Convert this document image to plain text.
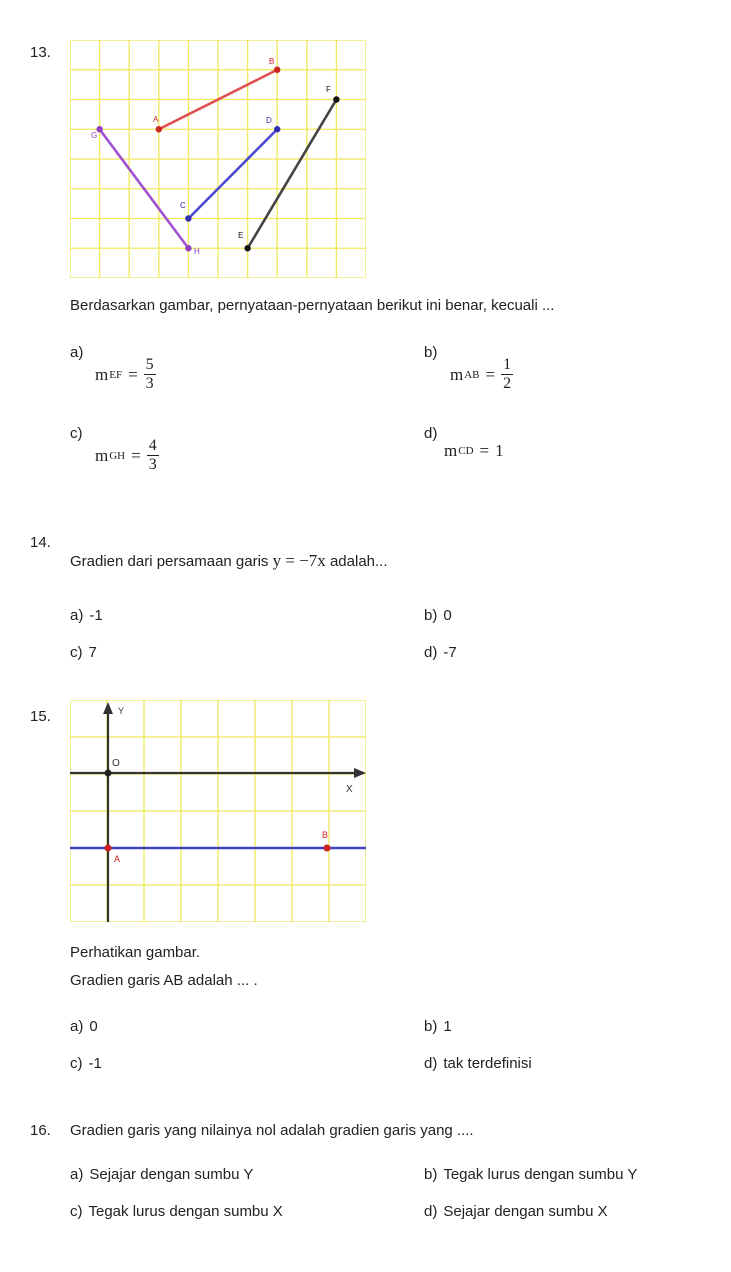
13.
A
B
C
D
E
F
G
H
Berdasarkan gambar, pernyataan-pernyataan berikut ini benar, kecuali ...
a)
m EF = $\frac{5}{3}$
b)
m AB = $\frac{1}{2}$
c)
m GH = $\frac{4}{3}$
d)
m CD = 1
14.
Gradien dari persamaan garis y = −7x adalah...
a) -1	b) 0
c) 7	d) -7
15.	Y
X
O
A
B
Perhatikan gambar.
Gradien garis AB adalah ... .
a) 0	b) 1
c) -1	d) tak terdefinisi
16. Gradien garis yang nilainya nol adalah gradien garis yang ....
a) Sejajar dengan sumbu Y	b) Tegak lurus dengan sumbu Y
c) Tegak lurus dengan sumbu X	d) Sejajar dengan sumbu X
